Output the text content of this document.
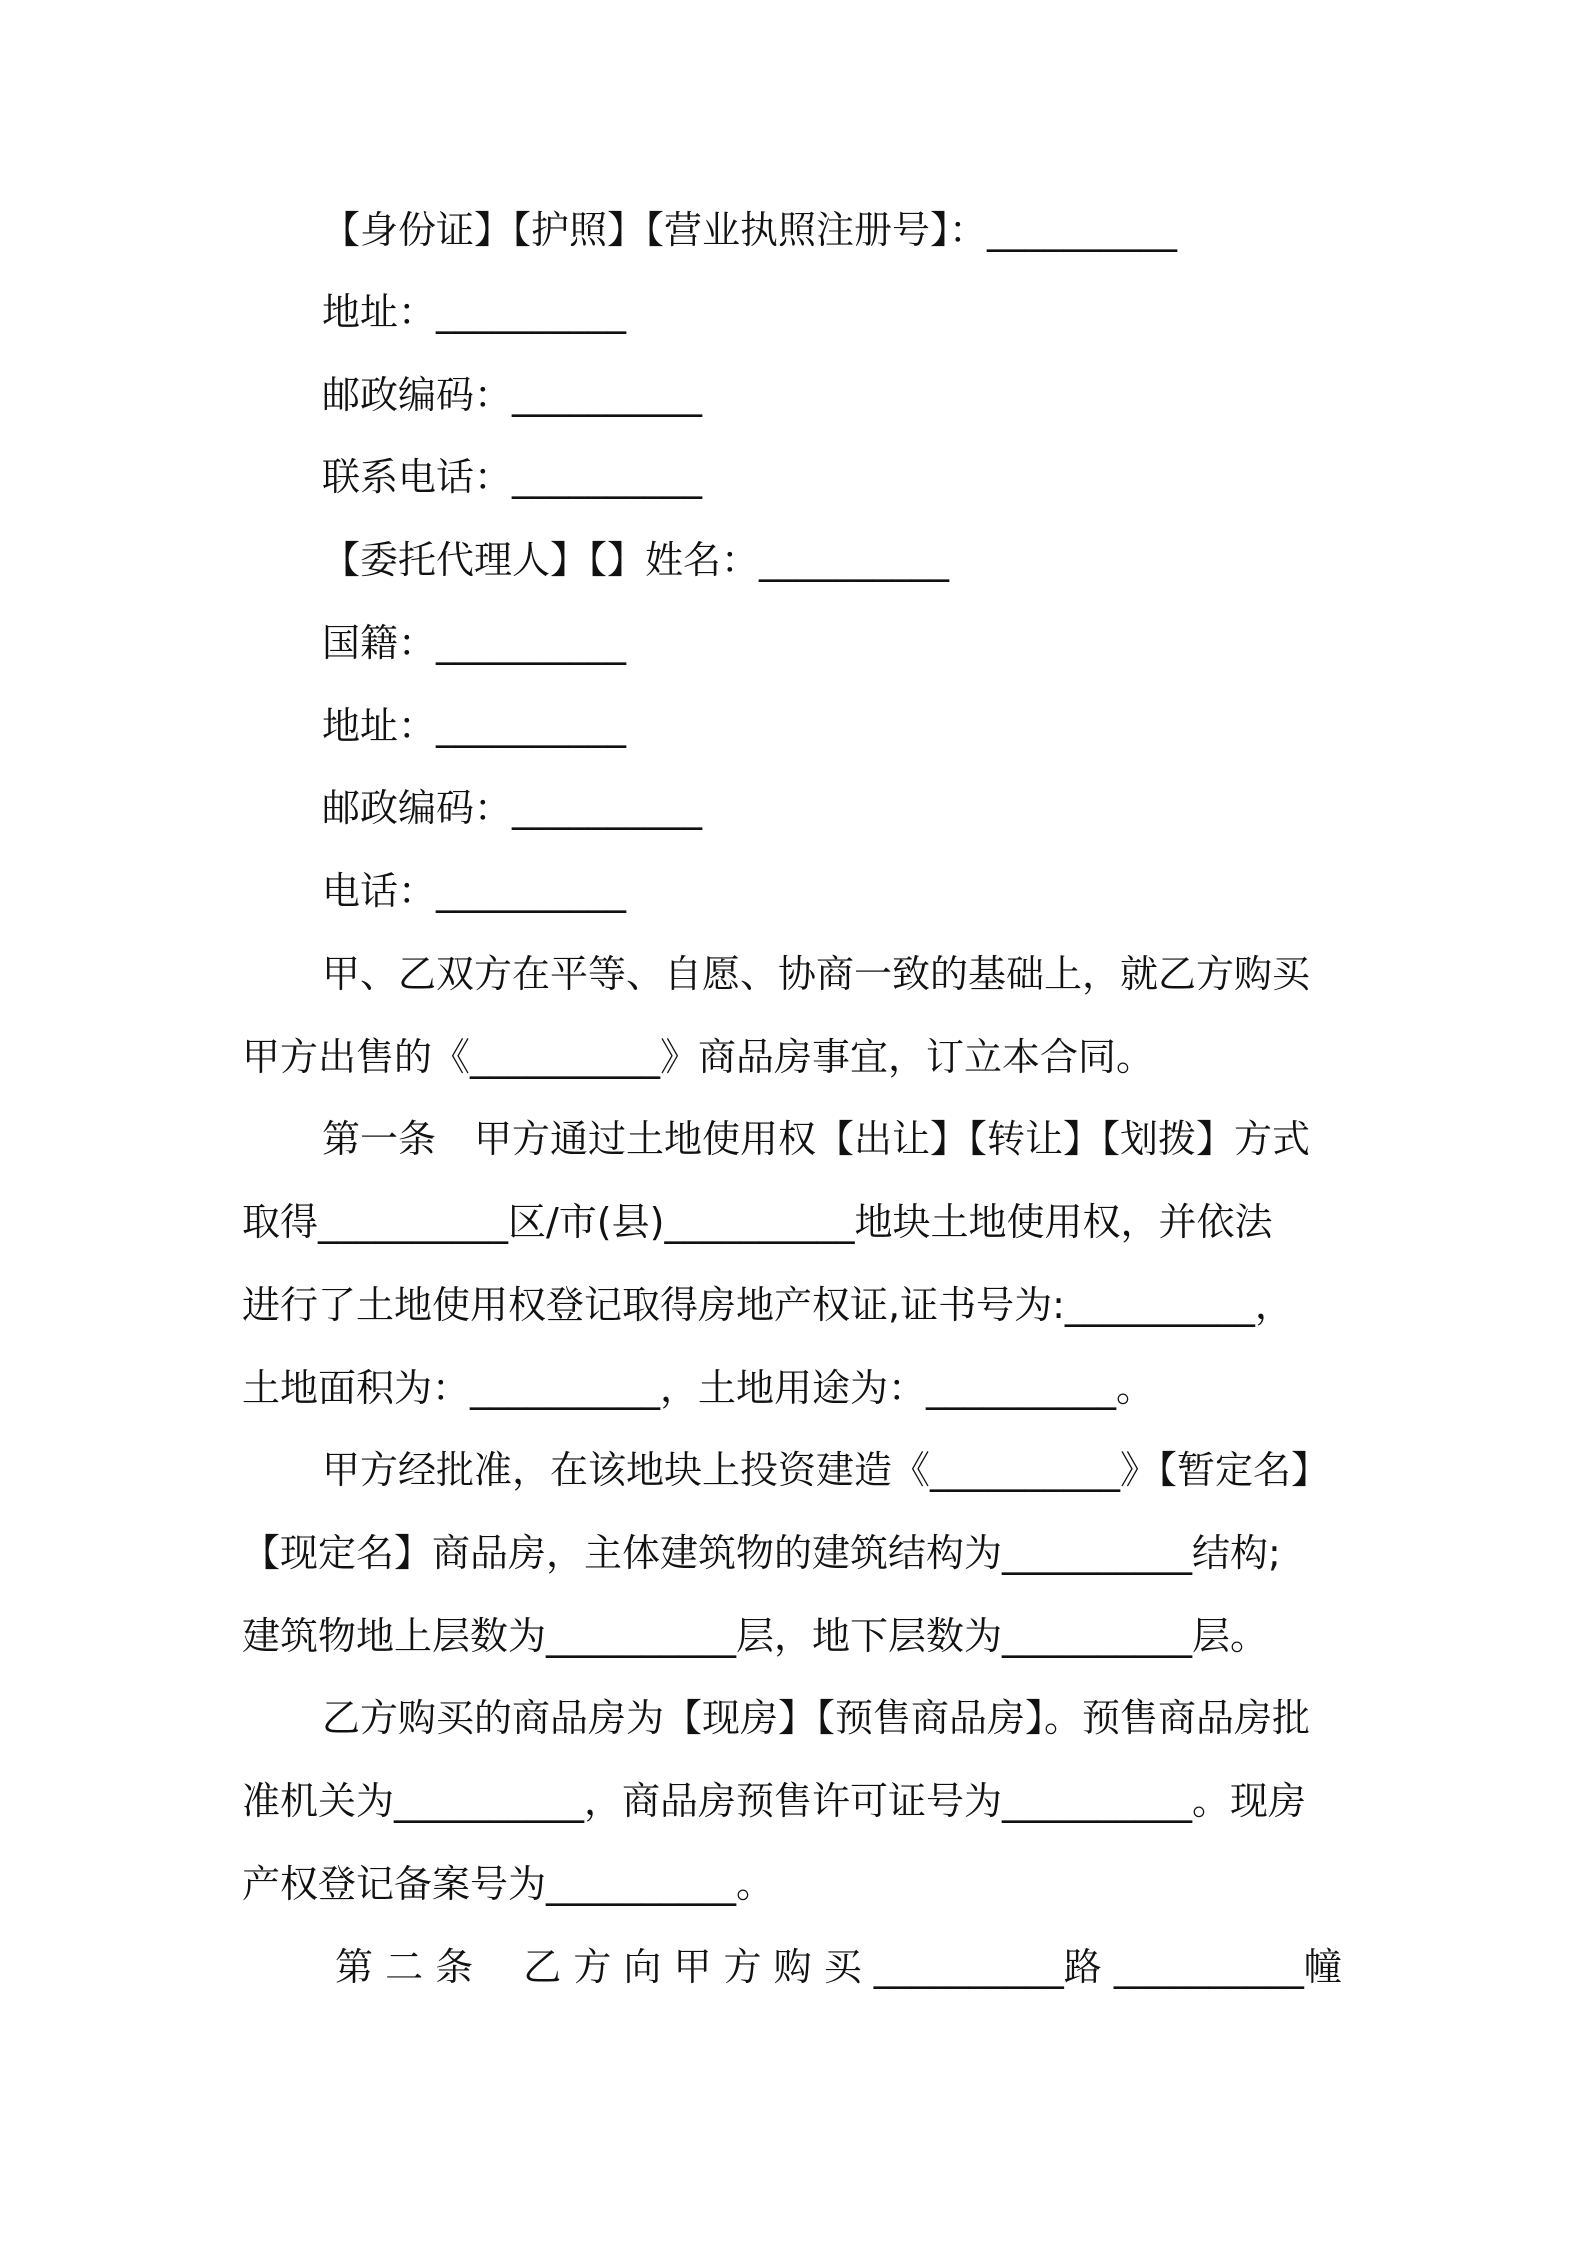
【身份证】【护照】【营业执照注册号】：__________
地址：__________
邮政编码：__________
联系电话：__________
【委托代理人】【】姓名：__________
国籍：__________
地址：__________
邮政编码：__________
电话：__________
甲、乙双方在平等、自愿、协商一致的基础上，就乙方购买
甲方出售的《__________》商品房事宜，订立本合同。
第一条　甲方通过土地使用权【出让】【转让】【划拨】方式
取得__________区/市(县)__________地块土地使用权，并依法
进行了土地使用权登记取得房地产权证,证书号为:__________，
土地面积为：__________，土地用途为：__________。
甲方经批准，在该地块上投资建造《__________》【暂定名】
【现定名】商品房，主体建筑物的建筑结构为__________结构;
建筑物地上层数为__________层，地下层数为__________层。
乙方购买的商品房为【现房】【预售商品房】。预售商品房批
准机关为__________，商品房预售许可证号为__________。现房
产权登记备案号为__________。
第 二 条　 乙 方 向 甲 方 购 买 __________路 __________幢
